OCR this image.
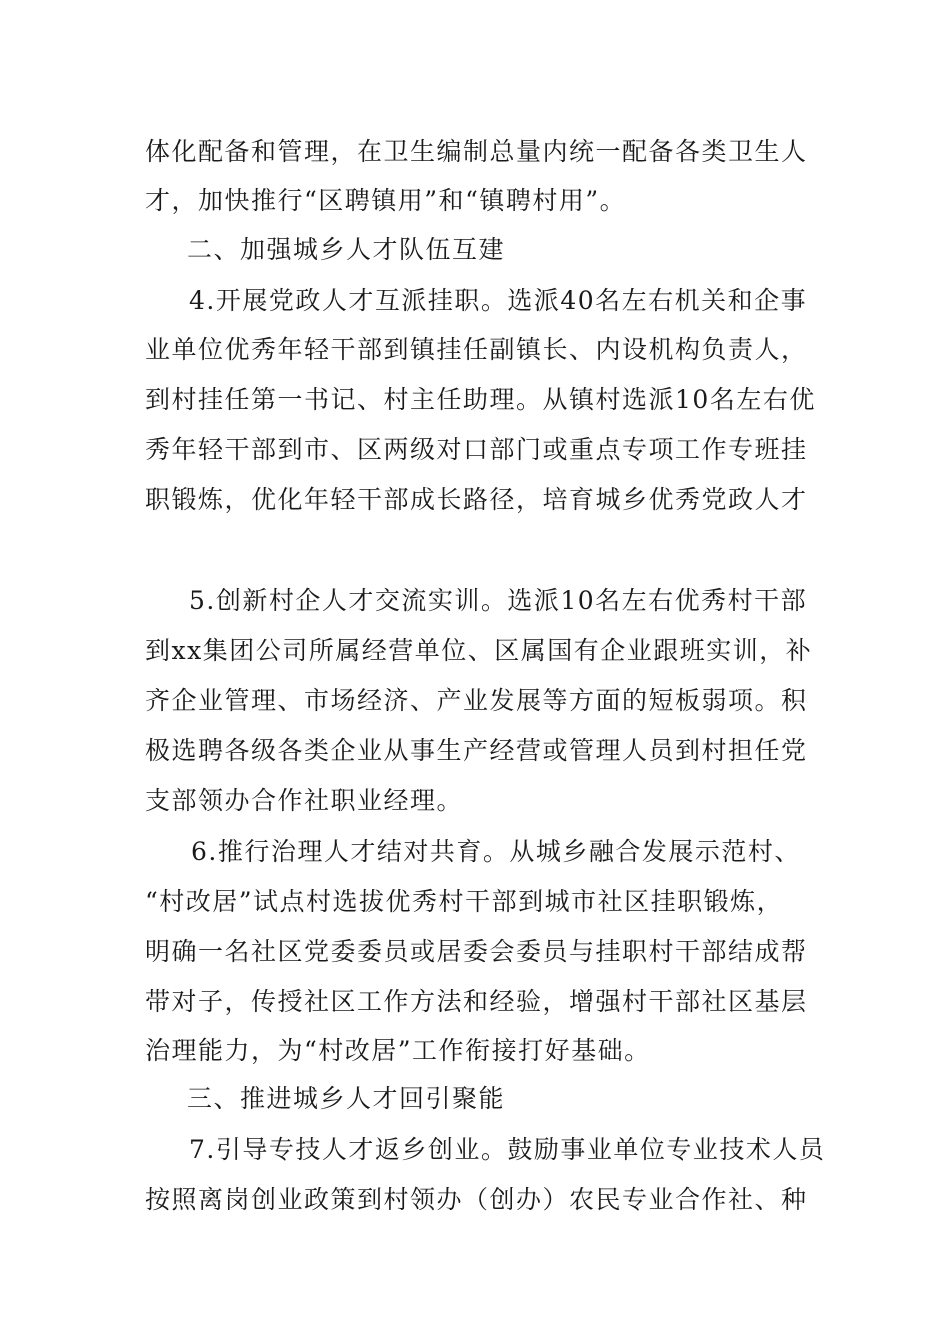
体化配备和管理，在卫生编制总量内统一配备各类卫生人
才，加快推行“区聘镇用”和“镇聘村用”。
二、加强城乡人才队伍互建
4.开展党政人才互派挂职。选派40名左右机关和企事
业单位优秀年轻干部到镇挂任副镇长、内设机构负责人，
到村挂任第一书记、村主任助理。从镇村选派10名左右优
秀年轻干部到市、区两级对口部门或重点专项工作专班挂
职锻炼，优化年轻干部成长路径，培育城乡优秀党政人才
5.创新村企人才交流实训。选派10名左右优秀村干部
到xx集团公司所属经营单位、区属国有企业跟班实训，补
齐企业管理、市场经济、产业发展等方面的短板弱项。积
极选聘各级各类企业从事生产经营或管理人员到村担任党
支部领办合作社职业经理。
6.推行治理人才结对共育。从城乡融合发展示范村、
“村改居”试点村选拔优秀村干部到城市社区挂职锻炼，
明确一名社区党委委员或居委会委员与挂职村干部结成帮
带对子，传授社区工作方法和经验，增强村干部社区基层
治理能力，为“村改居”工作衔接打好基础。
三、推进城乡人才回引聚能
7.引导专技人才返乡创业。鼓励事业单位专业技术人员
按照离岗创业政策到村领办（创办）农民专业合作社、种
